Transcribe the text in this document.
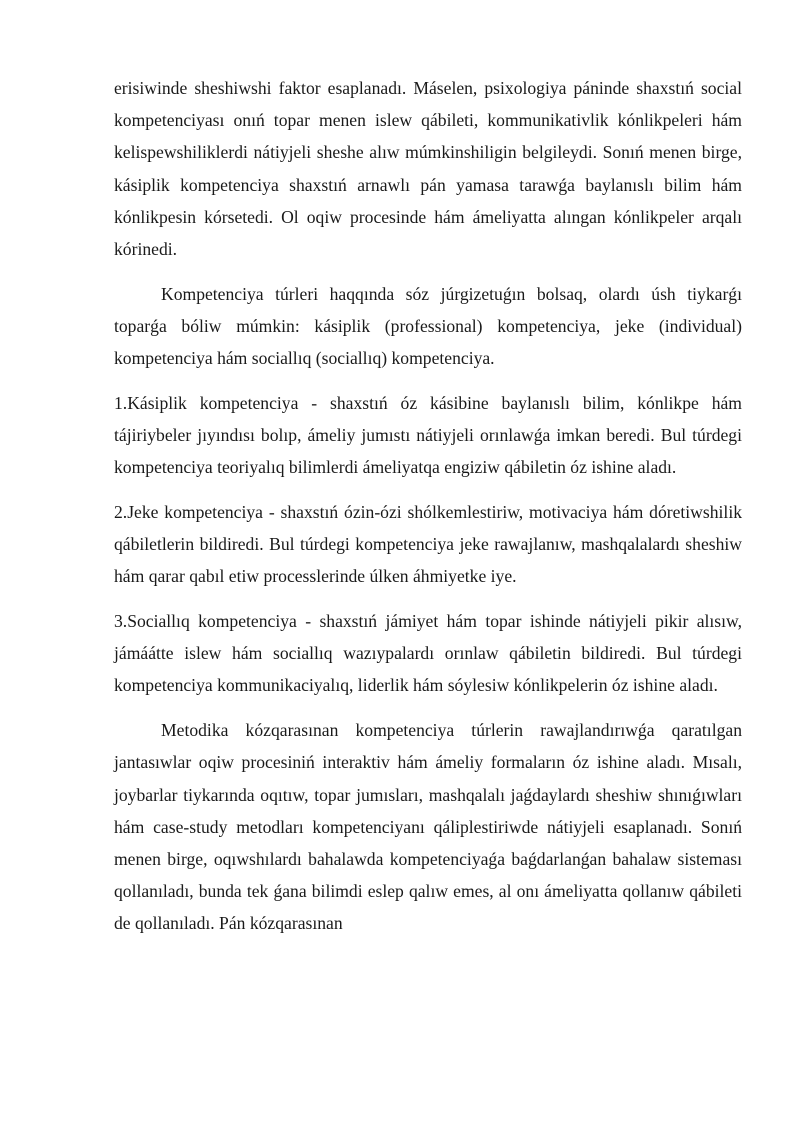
erisiwinde sheshiwshi faktor esaplanadı. Máselen, psixologiya páninde shaxstıń social kompetenciyası onıń topar menen islew qábileti, kommunikativlik kónlikpeleri hám kelispewshiliklerdi nátiyjeli sheshe alıw múmkinshiligin belgileydi. Sonıń menen birge, kásiplik kompetenciya shaxstıń arnawlı pán yamasa tarawǵa baylanıslı bilim hám kónlikpesin kórsetedi. Ol oqiw procesinde hám ámeliyatta alıngan kónlikpeler arqalı kórinedi.

Kompetenciya túrleri haqqında sóz júrgizetuǵın bolsaq, olardı úsh tiykarǵı toparǵa bóliw múmkin: kásiplik (professional) kompetenciya, jeke (individual) kompetenciya hám sociallıq (sociallıq) kompetenciya.

1.Kásiplik kompetenciya - shaxstıń óz kásibine baylanıslı bilim, kónlikpe hám tájiriybeler jıyındısı bolıp, ámeliy jumıstı nátiyjeli orınlawǵa imkan beredi. Bul túrdegi kompetenciya teoriyalıq bilimlerdi ámeliyatqa engiziw qábiletin óz ishine aladı.

2.Jeke kompetenciya - shaxstıń ózin-ózi shólkemlestiriw, motivaciya hám dóretiwshilik qábiletlerin bildiredi. Bul túrdegi kompetenciya jeke rawajlanıw, mashqalalardı sheshiw hám qarar qabıl etiw processlerinde úlken áhmiyetke iye.

3.Sociallıq kompetenciya - shaxstıń jámiyet hám topar ishinde nátiyjeli pikir alısıw, jámáátte islew hám sociallıq wazıypalardı orınlaw qábiletin bildiredi. Bul túrdegi kompetenciya kommunikaciyalıq, liderlik hám sóylesiw kónlikpelerin óz ishine aladı.

Metodika kózqarasınan kompetenciya túrlerin rawajlandırıwǵa qaratılgan jantasıwlar oqiw procesiniń interaktiv hám ámeliy formaların óz ishine aladı. Mısalı, joybarlar tiykarında oqıtıw, topar jumısları, mashqalalı jaǵdaylardı sheshiw shınıǵıwları hám case-study metodları kompetenciyanı qáliplestiriwde nátiyjeli esaplanadı. Sonıń menen birge, oqıwshılardı bahalawda kompetenciyaǵa baǵdarlanǵan bahalaw sisteması qollanıladı, bunda tek ǵana bilimdi eslep qalıw emes, al onı ámeliyatta qollanıw qábileti de qollanıladı. Pán kózqarasınan
